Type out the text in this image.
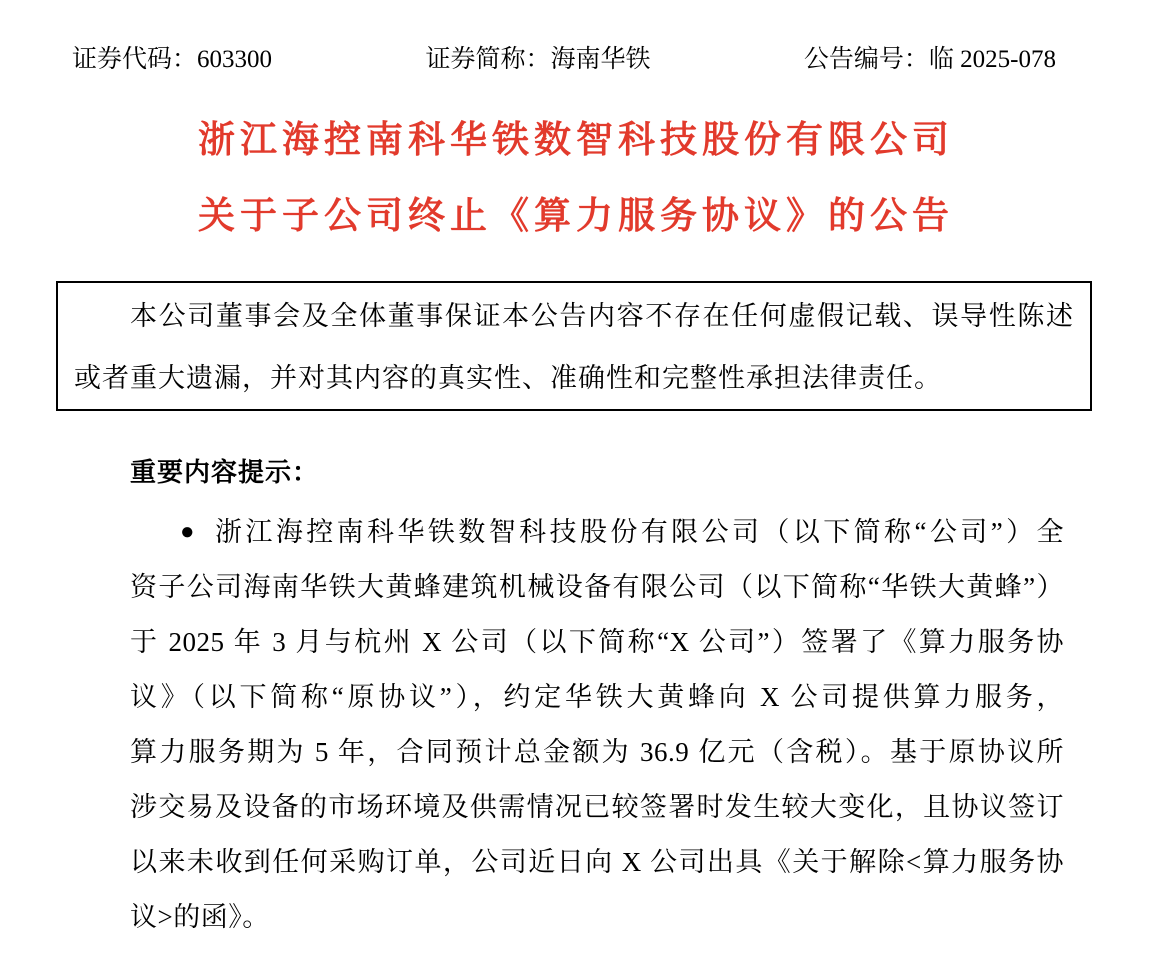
证券代码：603300	证券简称：海南华铁	公告编号：临 2025-078
浙江海控南科华铁数智科技股份有限公司
关于子公司终止《算力服务协议》的公告
本公司董事会及全体董事保证本公告内容不存在任何虚假记载、误导性陈述
或者重大遗漏，并对其内容的真实性、准确性和完整性承担法律责任。
重要内容提示：
● 浙江海控南科华铁数智科技股份有限公司（以下简称“公司”）全
资子公司海南华铁大黄蜂建筑机械设备有限公司（以下简称“华铁大黄蜂”）
于 2025 年 3 月与杭州 X 公司（以下简称“X 公司”）签署了《算力服务协
议》（以下简称“原协议”），约定华铁大黄蜂向 X 公司提供算力服务，
算力服务期为 5 年，合同预计总金额为 36.9 亿元（含税）。基于原协议所
涉交易及设备的市场环境及供需情况已较签署时发生较大变化，且协议签订
以来未收到任何采购订单，公司近日向 X 公司出具《关于解除<算力服务协
议>的函》。
